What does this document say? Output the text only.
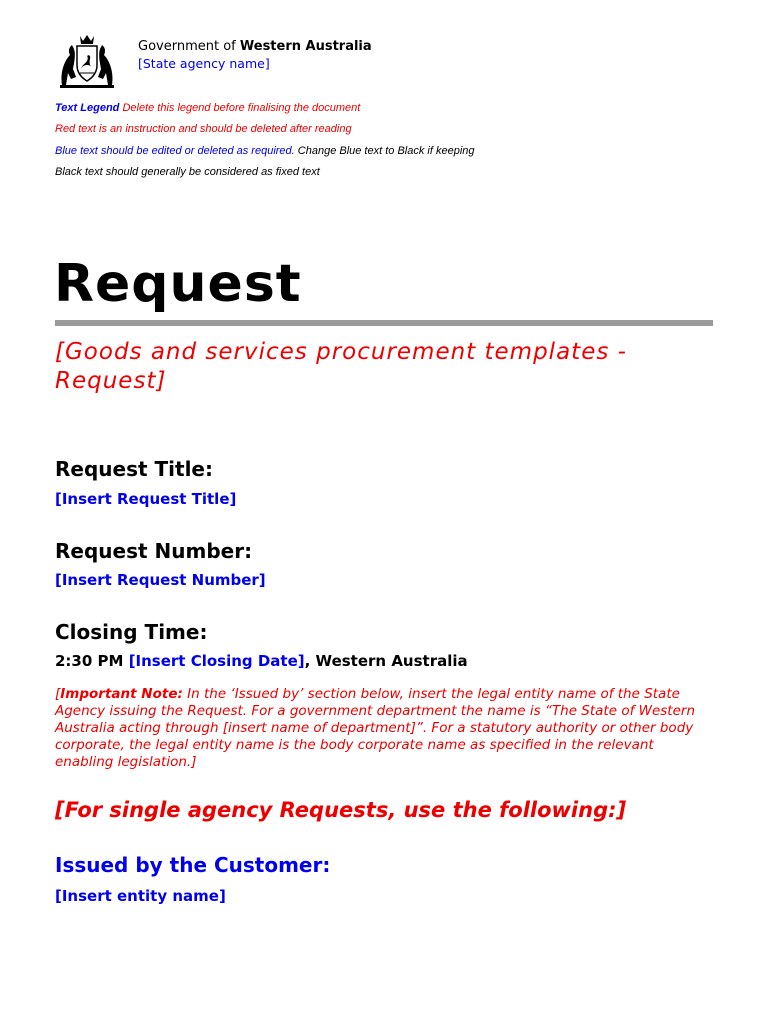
Government of Western Australia
[State agency name]
Text Legend Delete this legend before finalising the document
Red text is an instruction and should be deleted after reading
Blue text should be edited or deleted as required. Change Blue text to Black if keeping
Black text should generally be considered as fixed text
Request
[Goods and services procurement templates - Request]
Request Title:
[Insert Request Title]
Request Number:
[Insert Request Number]
Closing Time:
2:30 PM [Insert Closing Date], Western Australia
[Important Note: In the ‘Issued by’ section below, insert the legal entity name of the State Agency issuing the Request. For a government department the name is “The State of Western Australia acting through [insert name of department]”. For a statutory authority or other body corporate, the legal entity name is the body corporate name as specified in the relevant enabling legislation.]
[For single agency Requests, use the following:]
Issued by the Customer:
[Insert entity name]
